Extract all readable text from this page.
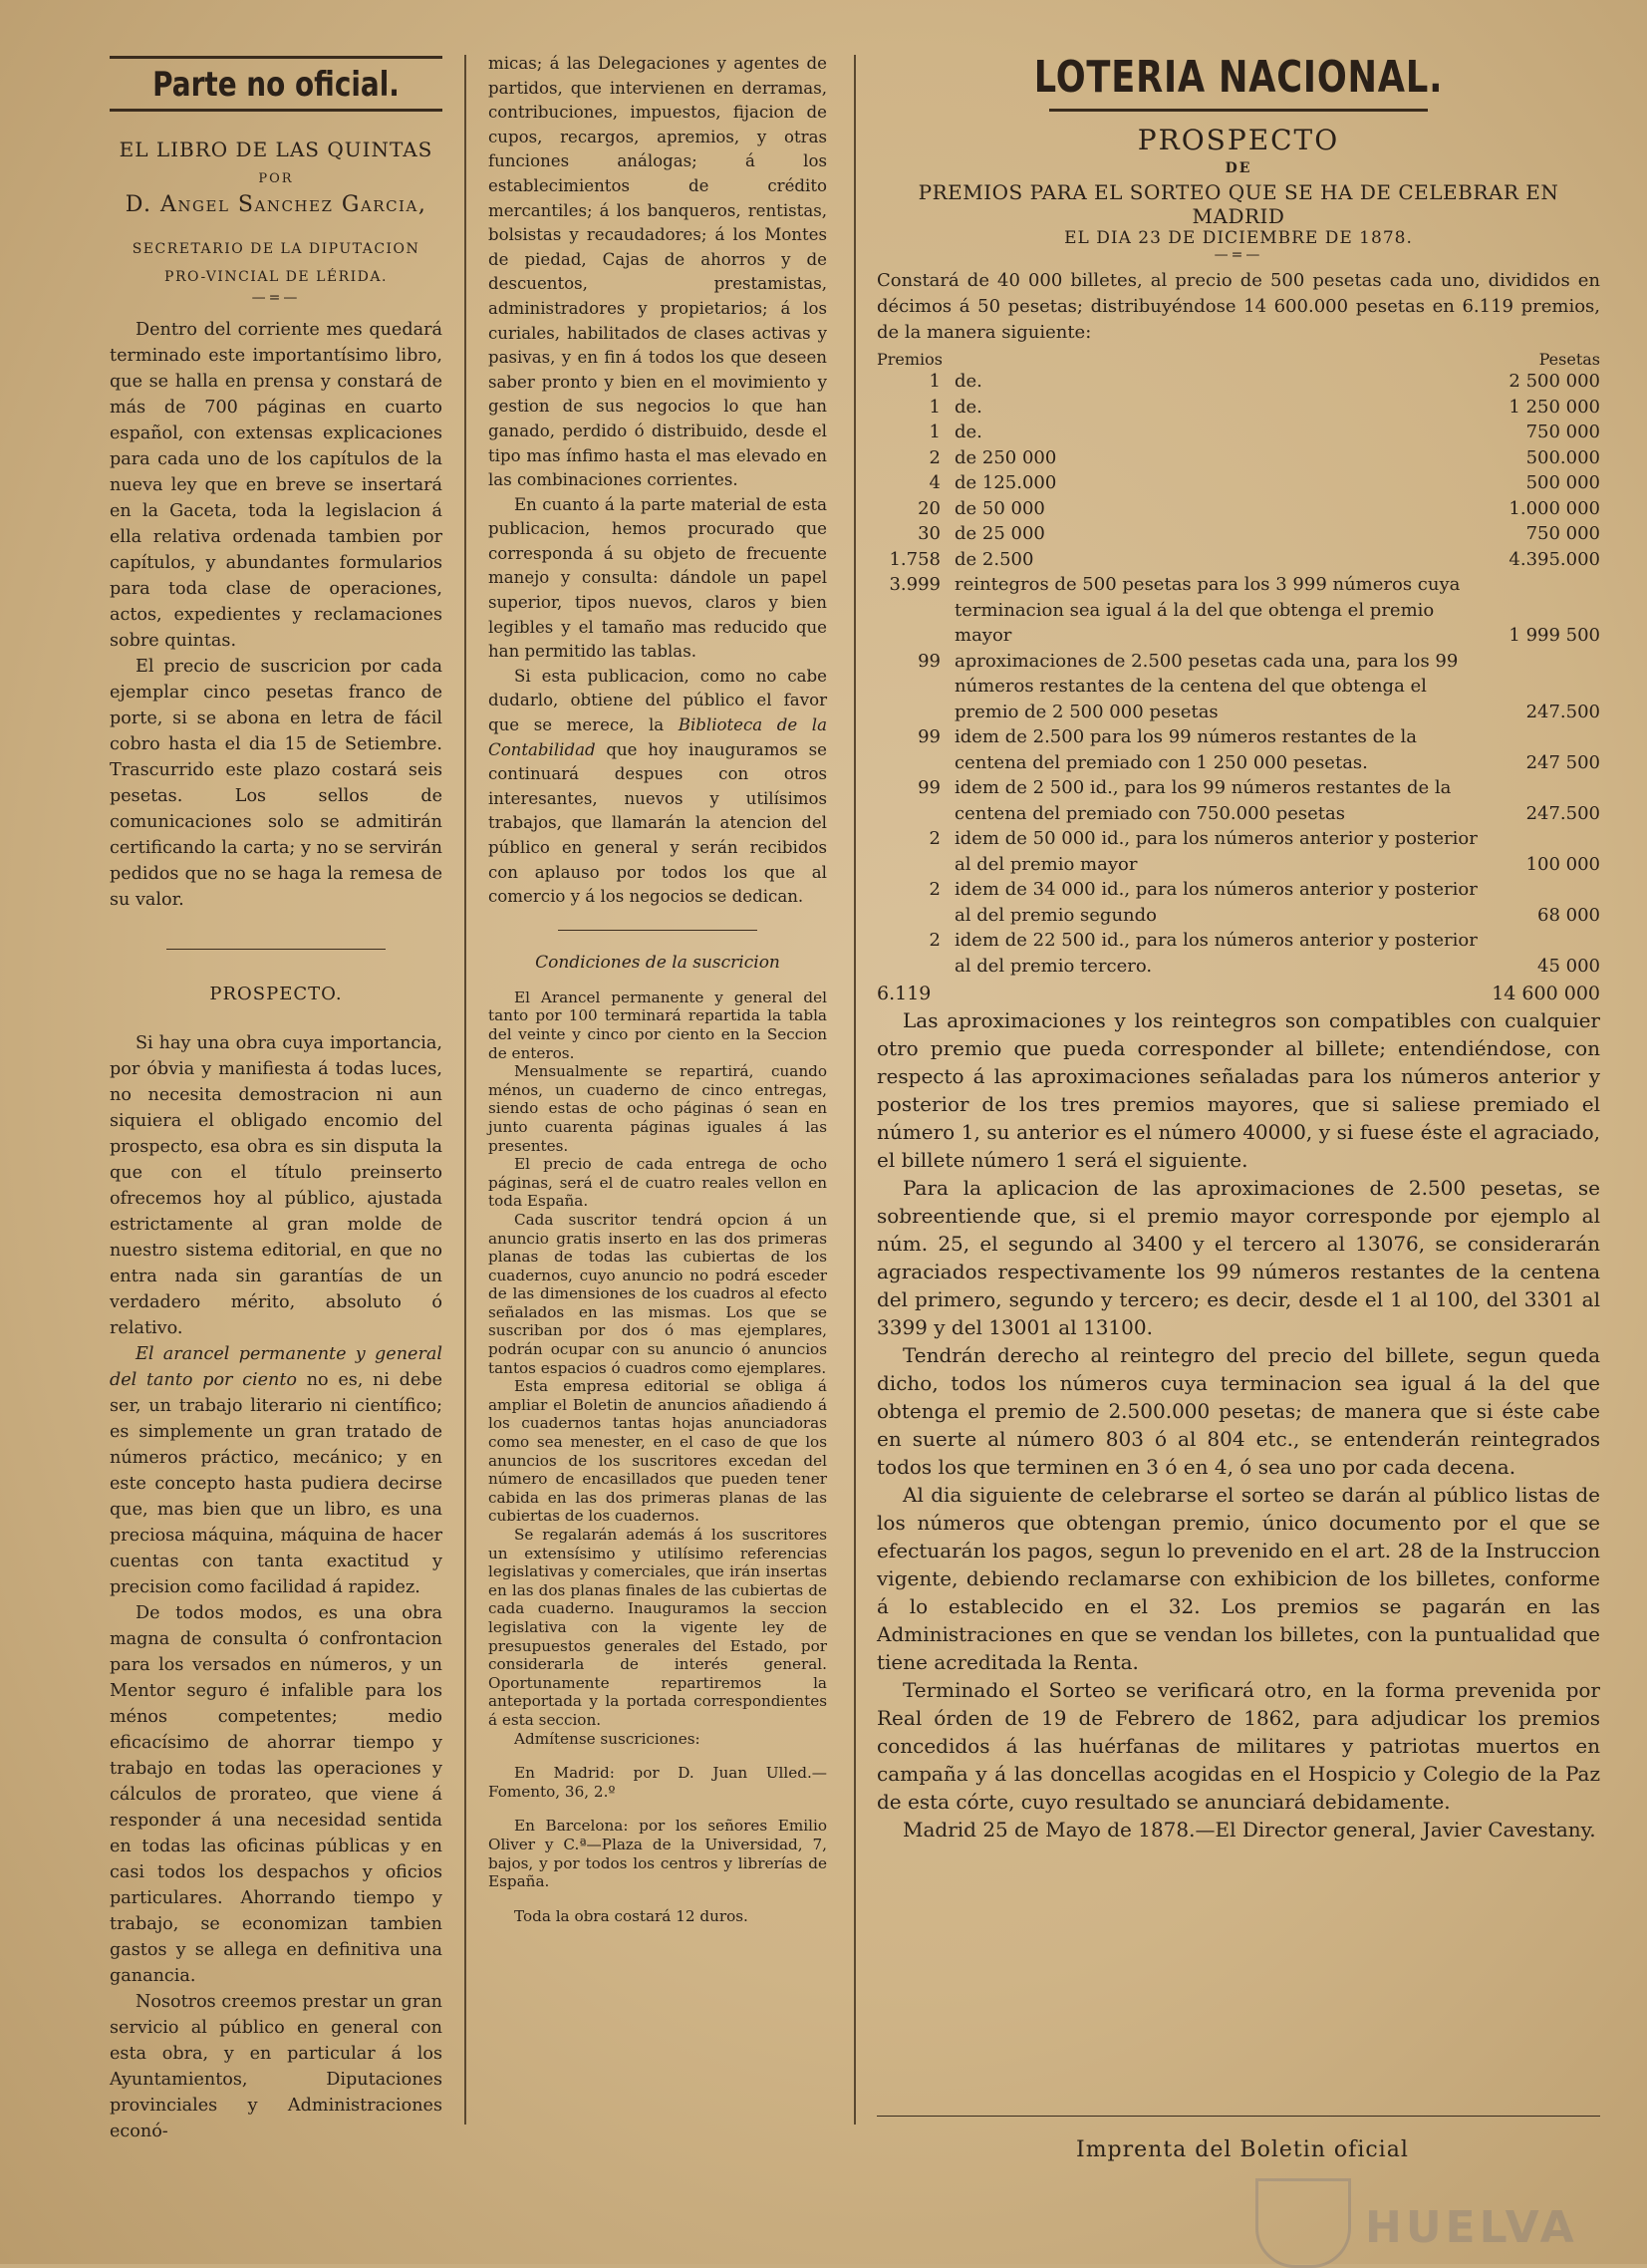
Parte no oficial.
EL LIBRO DE LAS QUINTAS
POR
D. Angel Sanchez Garcia,
SECRETARIO DE LA DIPUTACION PRO-VINCIAL DE LÉRIDA.
—=—

Dentro del corriente mes quedará terminado este importantísimo libro, que se halla en prensa y constará de más de 700 páginas en cuarto español, con extensas explicaciones para cada uno de los capítulos de la nueva ley que en breve se insertará en la Gaceta, toda la legislacion á ella relativa ordenada tambien por capítulos, y abundantes formularios para toda clase de operaciones, actos, expedientes y reclamaciones sobre quintas.

El precio de suscricion por cada ejemplar cinco pesetas franco de porte, si se abona en letra de fácil cobro hasta el dia 15 de Setiembre. Trascurrido este plazo costará seis pesetas. Los sellos de comunicaciones solo se admitirán certificando la carta; y no se servirán pedidos que no se haga la remesa de su valor.

PROSPECTO.

Si hay una obra cuya importancia, por óbvia y manifiesta á todas luces, no necesita demostracion ni aun siquiera el obligado encomio del prospecto, esa obra es sin disputa la que con el título preinserto ofrecemos hoy al público, ajustada estrictamente al gran molde de nuestro sistema editorial, en que no entra nada sin garantías de un verdadero mérito, absoluto ó relativo.

El arancel permanente y general del tanto por ciento no es, ni debe ser, un trabajo literario ni científico; es simplemente un gran tratado de números práctico, mecánico; y en este concepto hasta pudiera decirse que, mas bien que un libro, es una preciosa máquina, máquina de hacer cuentas con tanta exactitud y precision como facilidad á rapidez.

De todos modos, es una obra magna de consulta ó confrontacion para los versados en números, y un Mentor seguro é infalible para los ménos competentes; medio eficacísimo de ahorrar tiempo y trabajo en todas las operaciones y cálculos de prorateo, que viene á responder á una necesidad sentida en todas las oficinas públicas y en casi todos los despachos y oficios particulares. Ahorrando tiempo y trabajo, se economizan tambien gastos y se allega en definitiva una ganancia.

Nosotros creemos prestar un gran servicio al público en general con esta obra, y en particular á los Ayuntamientos, Diputaciones provinciales y Administraciones econó-

micas; á las Delegaciones y agentes de partidos, que intervienen en derramas, contribuciones, impuestos, fijacion de cupos, recargos, apremios, y otras funciones análogas; á los establecimientos de crédito mercantiles; á los banqueros, rentistas, bolsistas y recaudadores; á los Montes de piedad, Cajas de ahorros y de descuentos, prestamistas, administradores y propietarios; á los curiales, habilitados de clases activas y pasivas, y en fin á todos los que deseen saber pronto y bien en el movimiento y gestion de sus negocios lo que han ganado, perdido ó distribuido, desde el tipo mas ínfimo hasta el mas elevado en las combinaciones corrientes.

En cuanto á la parte material de esta publicacion, hemos procurado que corresponda á su objeto de frecuente manejo y consulta: dándole un papel superior, tipos nuevos, claros y bien legibles y el tamaño mas reducido que han permitido las tablas.

Si esta publicacion, como no cabe dudarlo, obtiene del público el favor que se merece, la Biblioteca de la Contabilidad que hoy inauguramos se continuará despues con otros interesantes, nuevos y utilísimos trabajos, que llamarán la atencion del público en general y serán recibidos con aplauso por todos los que al comercio y á los negocios se dedican.

Condiciones de la suscricion

El Arancel permanente y general del tanto por 100 terminará repartida la tabla del veinte y cinco por ciento en la Seccion de enteros.

Mensualmente se repartirá, cuando ménos, un cuaderno de cinco entregas, siendo estas de ocho páginas ó sean en junto cuarenta páginas iguales á las presentes.

El precio de cada entrega de ocho páginas, será el de cuatro reales vellon en toda España.

Cada suscritor tendrá opcion á un anuncio gratis inserto en las dos primeras planas de todas las cubiertas de los cuadernos, cuyo anuncio no podrá esceder de las dimensiones de los cuadros al efecto señalados en las mismas. Los que se suscriban por dos ó mas ejemplares, podrán ocupar con su anuncio ó anuncios tantos espacios ó cuadros como ejemplares.

Esta empresa editorial se obliga á ampliar el Boletin de anuncios añadiendo á los cuadernos tantas hojas anunciadoras como sea menester, en el caso de que los anuncios de los suscritores excedan del número de encasillados que pueden tener cabida en las dos primeras planas de las cubiertas de los cuadernos.

Se regalarán además á los suscritores un extensísimo y utilísimo referencias legislativas y comerciales, que irán insertas en las dos planas finales de las cubiertas de cada cuaderno. Inauguramos la seccion legislativa con la vigente ley de presupuestos generales del Estado, por considerarla de interés general. Oportunamente repartiremos la anteportada y la portada correspondientes á esta seccion.

Admítense suscriciones:

En Madrid: por D. Juan Ulled.—Fomento, 36, 2.º

En Barcelona: por los señores Emilio Oliver y C.ª—Plaza de la Universidad, 7, bajos, y por todos los centros y librerías de España.

Toda la obra costará 12 duros.

LOTERIA NACIONAL.
PROSPECTO
DE
PREMIOS PARA EL SORTEO QUE SE HA DE CELEBRAR EN MADRID
EL DIA 23 DE DICIEMBRE DE 1878.
—=—
Constará de 40 000 billetes, al precio de 500 pesetas cada uno, divididos en décimos á 50 pesetas; distribuyéndose 14 600.000 pesetas en 6.119 premios, de la manera siguiente:
Premios	Pesetas
1 de.	2 500 000
1 de.	1 250 000
1 de.	750 000
2 de 250 000	500.000
4 de 125.000	500 000
20 de 50 000	1.000 000
30 de 25 000	750 000
1.758 de 2.500	4.395.000
3.999 reintegros de 500 pesetas para los 3 999 números cuya terminacion sea igual á la del que obtenga el premio mayor	1 999 500
99 aproximaciones de 2.500 pesetas cada una, para los 99 números restantes de la centena del que obtenga el premio de 2 500 000 pesetas	247.500
99 idem de 2.500 para los 99 números restantes de la centena del premiado con 1 250 000 pesetas.	247 500
99 idem de 2 500 id., para los 99 números restantes de la centena del premiado con 750.000 pesetas	247.500
2 idem de 50 000 id., para los números anterior y posterior al del premio mayor	100 000
2 idem de 34 000 id., para los números anterior y posterior al del premio segundo	68 000
2 idem de 22 500 id., para los números anterior y posterior al del premio tercero.	45 000
6.119	14 600 000

Las aproximaciones y los reintegros son compatibles con cualquier otro premio que pueda corresponder al billete; entendiéndose, con respecto á las aproximaciones señaladas para los números anterior y posterior de los tres premios mayores, que si saliese premiado el número 1, su anterior es el número 40000, y si fuese éste el agraciado, el billete número 1 será el siguiente.

Para la aplicacion de las aproximaciones de 2.500 pesetas, se sobreentiende que, si el premio mayor corresponde por ejemplo al núm. 25, el segundo al 3400 y el tercero al 13076, se considerarán agraciados respectivamente los 99 números restantes de la centena del primero, segundo y tercero; es decir, desde el 1 al 100, del 3301 al 3399 y del 13001 al 13100.

Tendrán derecho al reintegro del precio del billete, segun queda dicho, todos los números cuya terminacion sea igual á la del que obtenga el premio de 2.500.000 pesetas; de manera que si éste cabe en suerte al número 803 ó al 804 etc., se entenderán reintegrados todos los que terminen en 3 ó en 4, ó sea uno por cada decena.

Al dia siguiente de celebrarse el sorteo se darán al público listas de los números que obtengan premio, único documento por el que se efectuarán los pagos, segun lo prevenido en el art. 28 de la Instruccion vigente, debiendo reclamarse con exhibicion de los billetes, conforme á lo establecido en el 32. Los premios se pagarán en las Administraciones en que se vendan los billetes, con la puntualidad que tiene acreditada la Renta.

Terminado el Sorteo se verificará otro, en la forma prevenida por Real órden de 19 de Febrero de 1862, para adjudicar los premios concedidos á las huérfanas de militares y patriotas muertos en campaña y á las doncellas acogidas en el Hospicio y Colegio de la Paz de esta córte, cuyo resultado se anunciará debidamente.

Madrid 25 de Mayo de 1878.—El Director general, Javier Cavestany.

Imprenta del Boletin oficial
HUELVA
